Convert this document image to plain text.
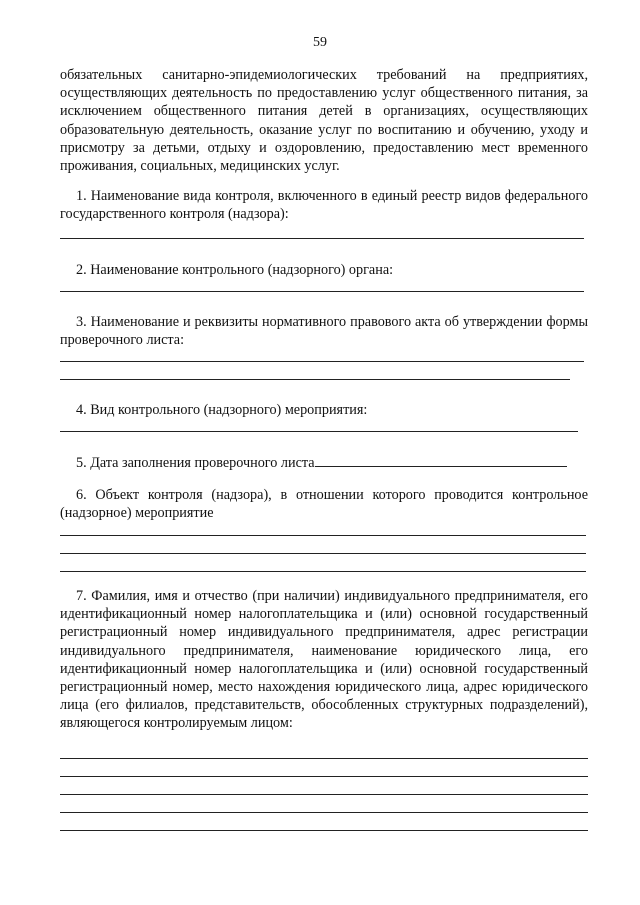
59
обязательных санитарно-эпидемиологических требований на предприятиях, осуществляющих деятельность по предоставлению услуг общественного питания, за исключением общественного питания детей в организациях, осуществляющих образовательную деятельность, оказание услуг по воспитанию и обучению, уходу и присмотру за детьми, отдыху и оздоровлению, предоставлению мест временного проживания, социальных, медицинских услуг.
1. Наименование вида контроля, включенного в единый реестр видов федерального государственного контроля (надзора):
2. Наименование контрольного (надзорного) органа:
3. Наименование и реквизиты нормативного правового акта об утверждении формы проверочного листа:
4. Вид контрольного (надзорного) мероприятия:
5. Дата заполнения проверочного листа
6. Объект контроля (надзора), в отношении которого проводится контрольное (надзорное) мероприятие
7. Фамилия, имя и отчество (при наличии) индивидуального предпринимателя, его идентификационный номер налогоплательщика и (или) основной государственный регистрационный номер индивидуального предпринимателя, адрес регистрации индивидуального предпринимателя, наименование юридического лица, его идентификационный номер налогоплательщика и (или) основной государственный регистрационный номер, место нахождения юридического лица, адрес юридического лица (его филиалов, представительств, обособленных структурных подразделений), являющегося контролируемым лицом:
